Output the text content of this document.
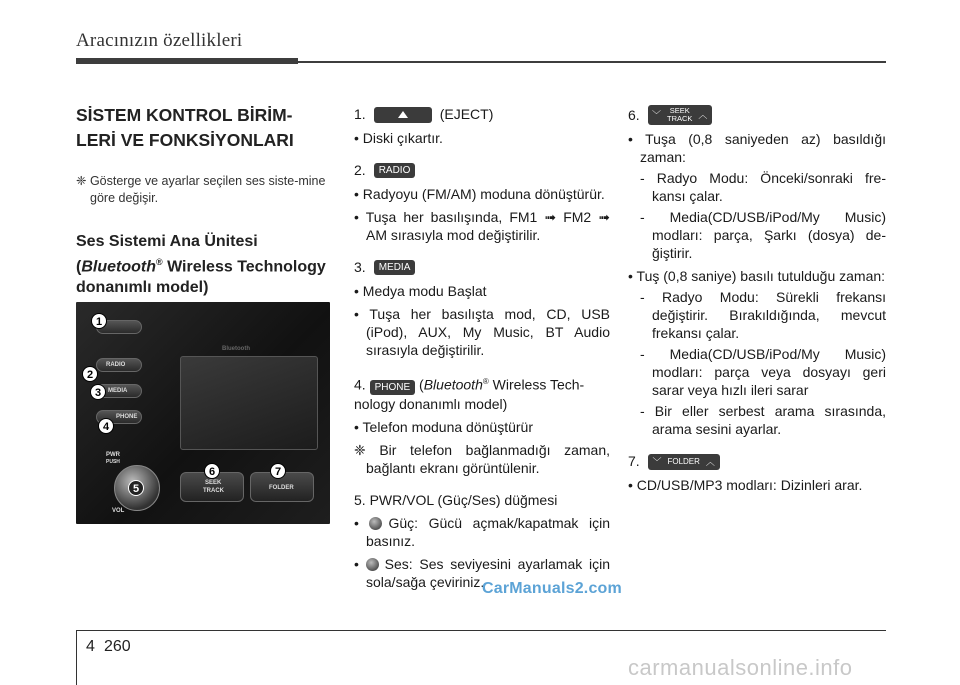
Aracınızın özellikleri
SİSTEM KONTROL BİRİM-LERİ VE FONKSİYONLARI
❈ Gösterge ve ayarlar seçilen ses siste-mine göre değişir.
Ses Sistemi Ana Ünitesi
(Bluetooth® Wireless Technology donanımlı model)
Bluetooth
RADIO
MEDIA
PHONE
PWR
PUSH
VOL
SEEK
TRACK	FOLDER
1
2
3
4
5
6	7
1.	(EJECT)
• Diski çıkartır.
2.	RADIO
• Radyoyu (FM/AM) moduna dönüştürür.
• Tuşa her basılışında, FM1 ➟ FM2 ➟ AM sırasıyla mod değiştirilir.
3.	MEDIA
• Medya modu Başlat
• Tuşa her basılışta mod, CD, USB (iPod), AUX, My Music, BT Audio sırasıyla değiştirilir.
4. PHONE (Bluetooth® Wireless Tech-nology donanımlı model)
• Telefon moduna dönüştürür
❈ Bir telefon bağlanmadığı zaman, bağlantı ekranı görüntülenir.
5. PWR/VOL (Güç/Ses) düğmesi
• Güç: Gücü açmak/kapatmak için basınız.
• Ses: Ses seviyesini ayarlamak için sola/sağa çeviriniz.
6. ﹀	SEEK
TRACK ︿
• Tuşa (0,8 saniyeden az) basıldığı zaman:
- Radyo Modu: Önceki/sonraki fre-kansı çalar.
- Media(CD/USB/iPod/My Music) modları: parça, Şarkı (dosya) de-ğiştirir.
• Tuş (0,8 saniye) basılı tutulduğu zaman:
- Radyo Modu: Sürekli frekansı değiştirir. Bırakıldığında, mevcut frekansı çalar.
- Media(CD/USB/iPod/My Music) modları: parça veya dosyayı geri sarar veya hızlı ileri sarar
- Bir eller serbest arama sırasında, arama sesini ayarlar.
7. ﹀ FOLDER ︿
• CD/USB/MP3 modları: Dizinleri arar.
CarManuals2.com
4 260
carmanualsonline.info
